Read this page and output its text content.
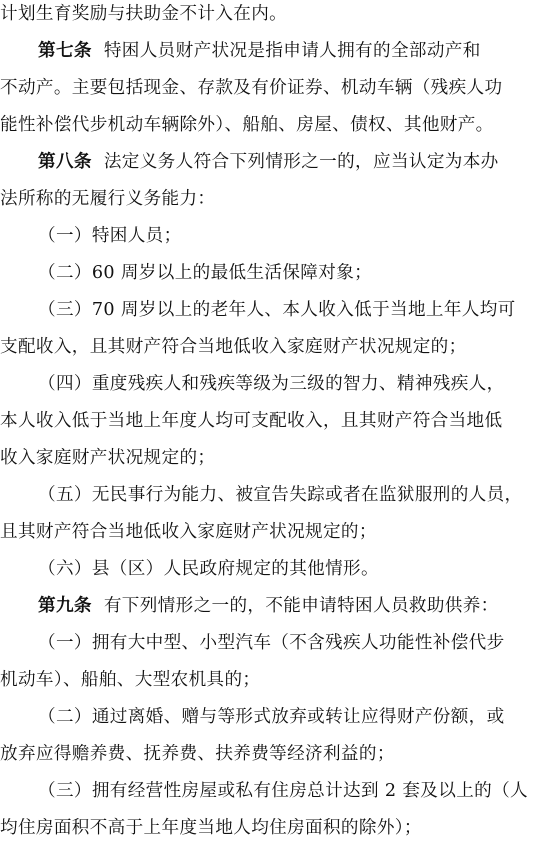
计划生育奖励与扶助金不计入在内。
第七条 特困人员财产状况是指申请人拥有的全部动产和
不动产。主要包括现金、存款及有价证券、机动车辆（残疾人功
能性补偿代步机动车辆除外）、船舶、房屋、债权、其他财产。
第八条 法定义务人符合下列情形之一的，应当认定为本办
法所称的无履行义务能力：
（一）特困人员；
（二）60 周岁以上的最低生活保障对象；
（三）70 周岁以上的老年人、本人收入低于当地上年人均可
支配收入，且其财产符合当地低收入家庭财产状况规定的；
（四）重度残疾人和残疾等级为三级的智力、精神残疾人，
本人收入低于当地上年度人均可支配收入，且其财产符合当地低
收入家庭财产状况规定的；
（五）无民事行为能力、被宣告失踪或者在监狱服刑的人员，
且其财产符合当地低收入家庭财产状况规定的；
（六）县（区）人民政府规定的其他情形。
第九条 有下列情形之一的，不能申请特困人员救助供养：
（一）拥有大中型、小型汽车（不含残疾人功能性补偿代步
机动车）、船舶、大型农机具的；
（二）通过离婚、赠与等形式放弃或转让应得财产份额，或
放弃应得赡养费、抚养费、扶养费等经济利益的；
（三）拥有经营性房屋或私有住房总计达到 2 套及以上的（人
均住房面积不高于上年度当地人均住房面积的除外）；
